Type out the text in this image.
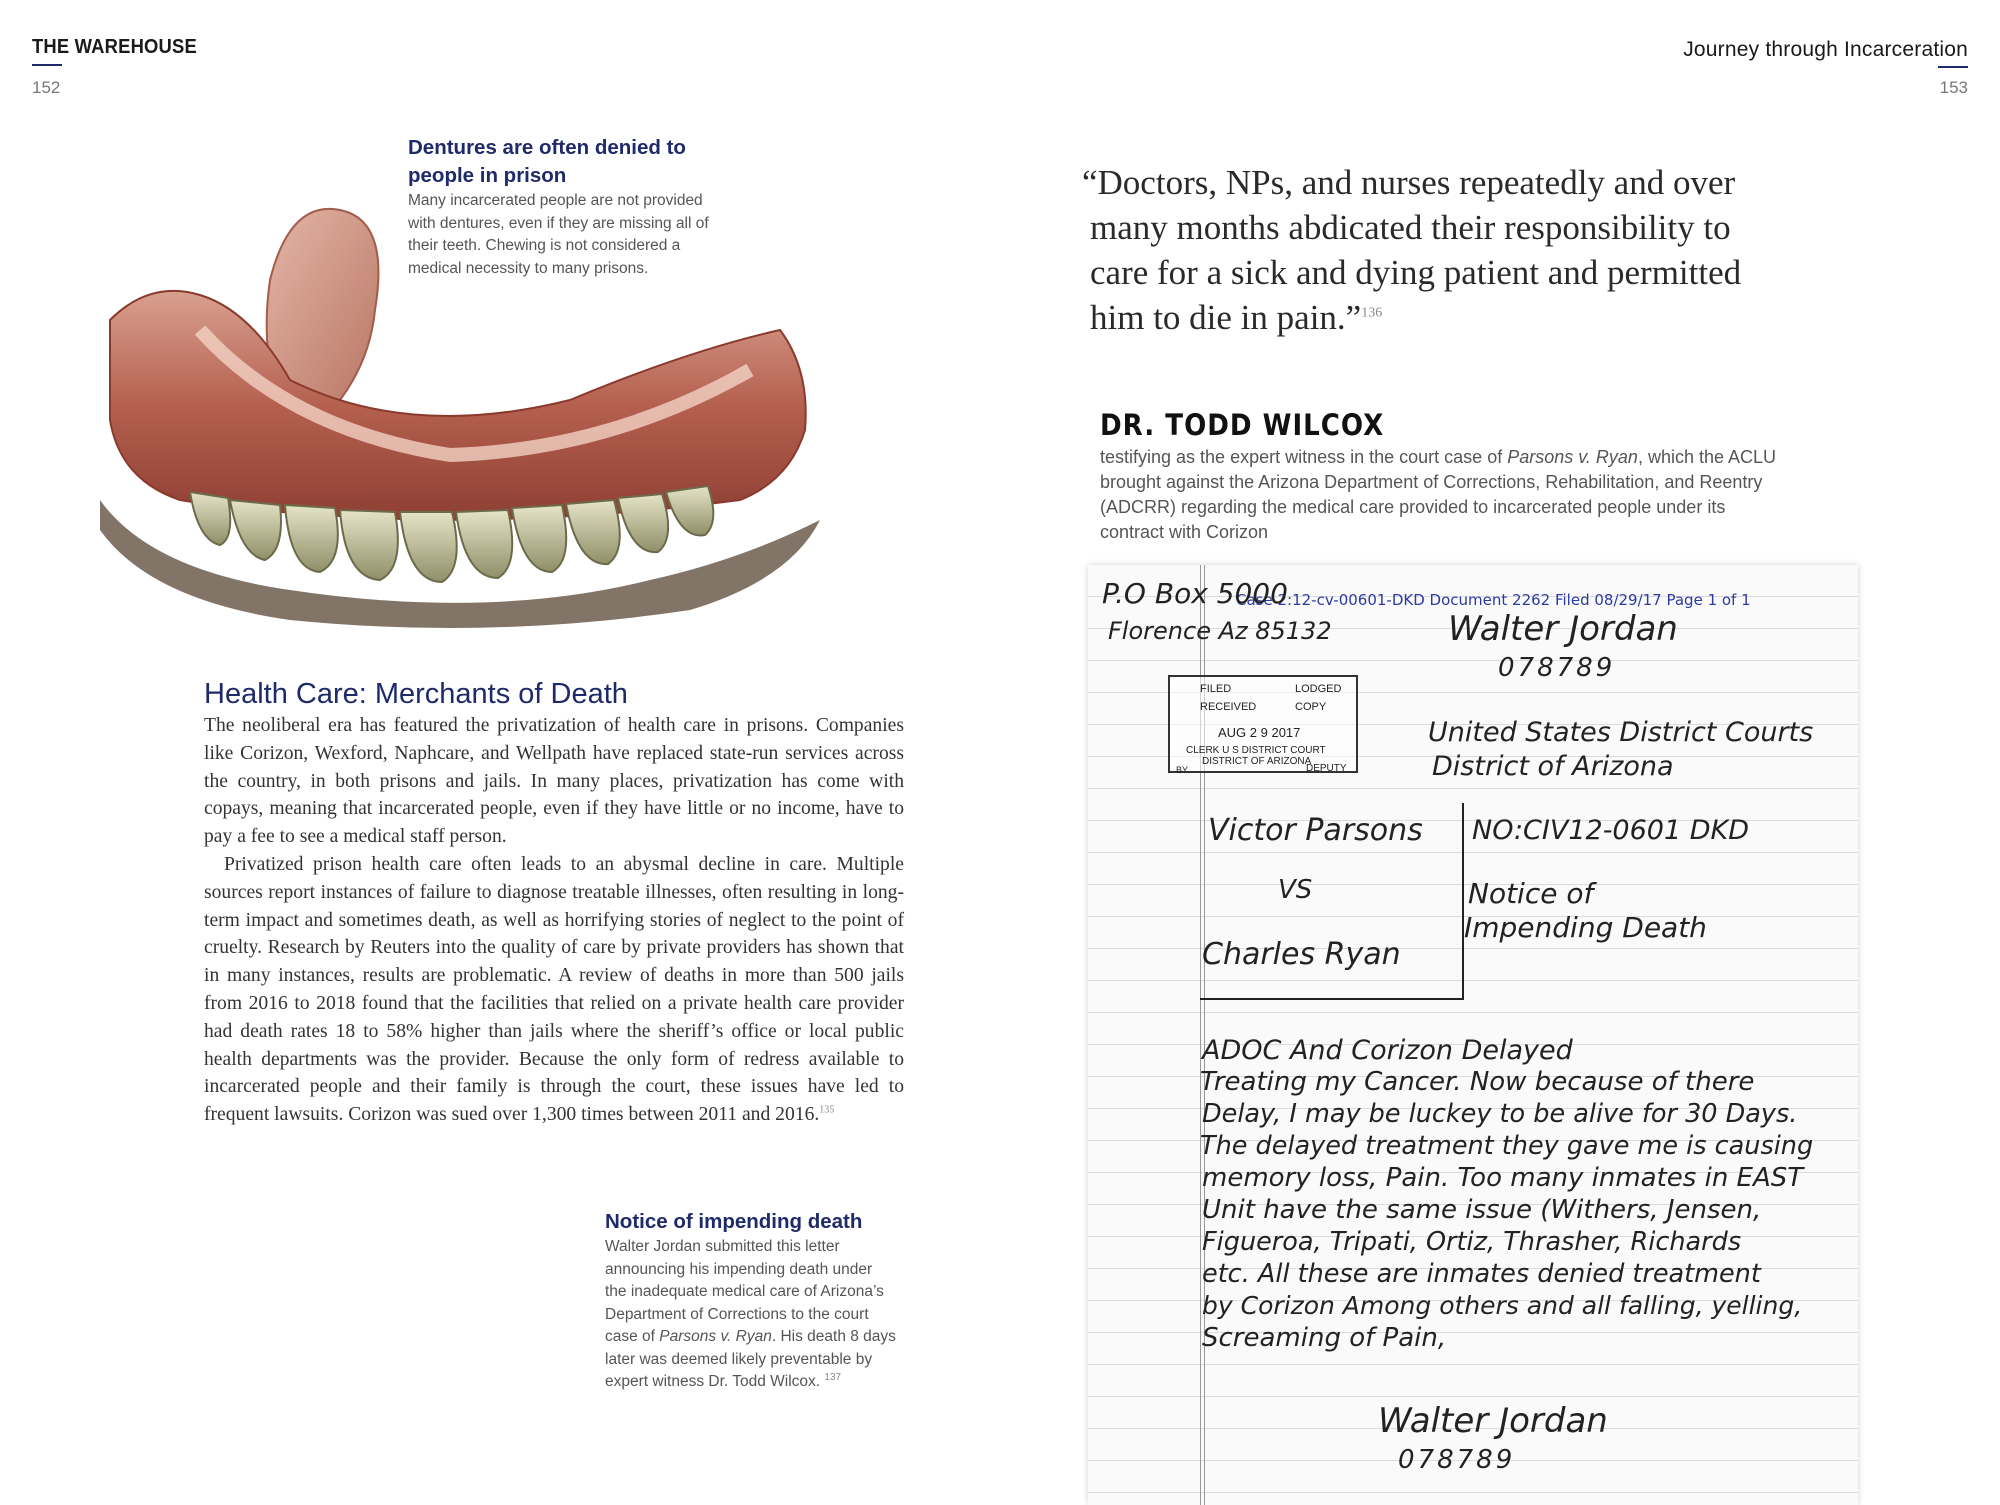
THE WAREHOUSE
152
Dentures are often denied to
people in prison
Many incarcerated people are not provided
with dentures, even if they are missing all of
their teeth. Chewing is not considered a
medical necessity to many prisons.
Health Care: Merchants of Death

The neoliberal era has featured the privatization of health care in prisons. Companies like Corizon, Wexford, Naphcare, and Wellpath have replaced state-run services across the country, in both prisons and jails. In many places, privatization has come with copays, meaning that incarcerated people, even if they have little or no income, have to pay a fee to see a medical staff person.

Privatized prison health care often leads to an abysmal decline in care. Multiple sources report instances of failure to diagnose treatable illnesses, often resulting in long-term impact and sometimes death, as well as horrifying stories of neglect to the point of cruelty. Research by Reuters into the quality of care by private providers has shown that in many instances, results are problematic. A review of deaths in more than 500 jails from 2016 to 2018 found that the facilities that relied on a private health care provider had death rates 18 to 58% higher than jails where the sheriff’s office or local public health departments was the provider. Because the only form of redress available to incarcerated people and their family is through the court, these issues have led to frequent lawsuits. Corizon was sued over 1,300 times between 2011 and 2016.$^{135}$

Notice of impending death
Walter Jordan submitted this letter
announcing his impending death under
the inadequate medical care of Arizona’s
Department of Corrections to the court
case of Parsons v. Ryan. His death 8 days
later was deemed likely preventable by
expert witness Dr. Todd Wilcox. $^{137}$
Journey through Incarceration
153
“Doctors, NPs, and nurses repeatedly and over
many months abdicated their responsibility to
care for a sick and dying patient and permitted
him to die in pain.”$^{136}$
DR. TODD WILCOX
testifying as the expert witness in the court case of Parsons v. Ryan, which the ACLU
brought against the Arizona Department of Corrections, Rehabilitation, and Reentry
(ADCRR) regarding the medical care provided to incarcerated people under its
contract with Corizon
Case 2:12-cv-00601-DKD Document 2262 Filed 08/29/17 Page 1 of 1
P.O Box 5000
Florence Az 85132	Walter Jordan
078789
FILED	LODGED
RECEIVED	COPY
AUG 2 9 2017
CLERK U S DISTRICT COURT
DISTRICT OF ARIZONA
BY	DEPUTY
United States District Courts
District of Arizona
Victor Parsons
VS
Charles Ryan
NO:CIV12-0601 DKD
Notice of
Impending Death
ADOC And Corizon Delayed
Treating my Cancer. Now because of there
Delay, I may be luckey to be alive for 30 Days.
The delayed treatment they gave me is causing
memory loss, Pain. Too many inmates in EAST
Unit have the same issue (Withers, Jensen,
Figueroa, Tripati, Ortiz, Thrasher, Richards
etc. All these are inmates denied treatment
by Corizon Among others and all falling, yelling,
Screaming of Pain,
Walter Jordan
078789
